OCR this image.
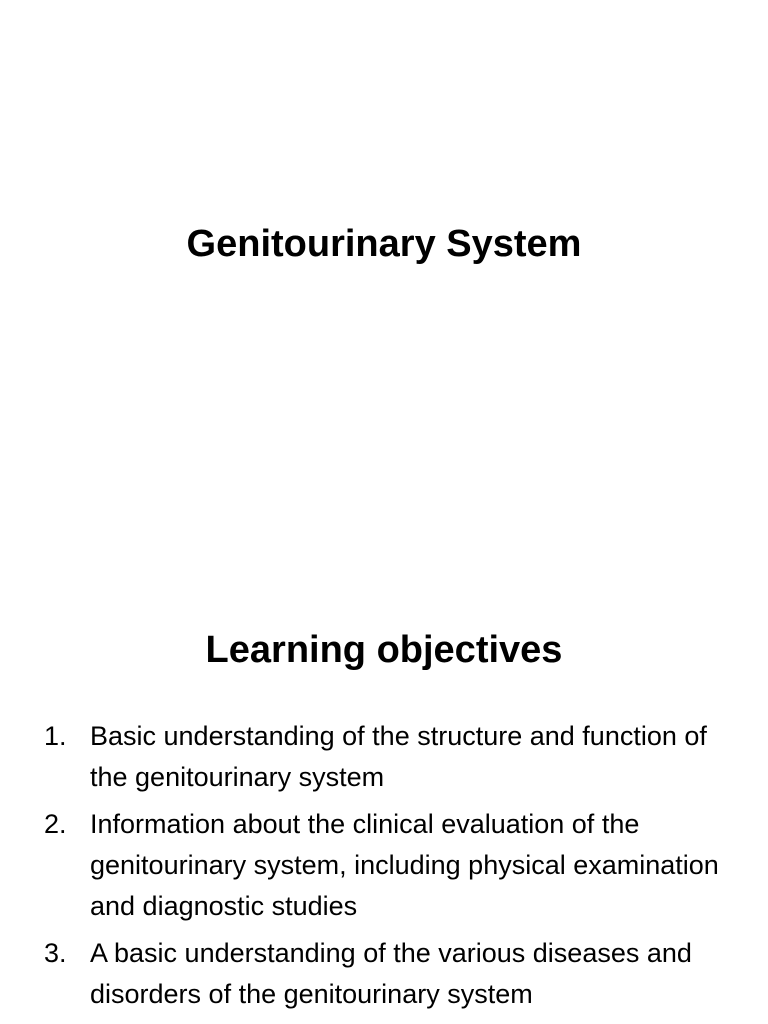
Genitourinary System
Learning objectives
1. Basic understanding of the structure and function of the genitourinary system
2. Information about the clinical evaluation of the genitourinary system, including physical examination and diagnostic studies
3. A basic understanding of the various diseases and disorders of the genitourinary system
